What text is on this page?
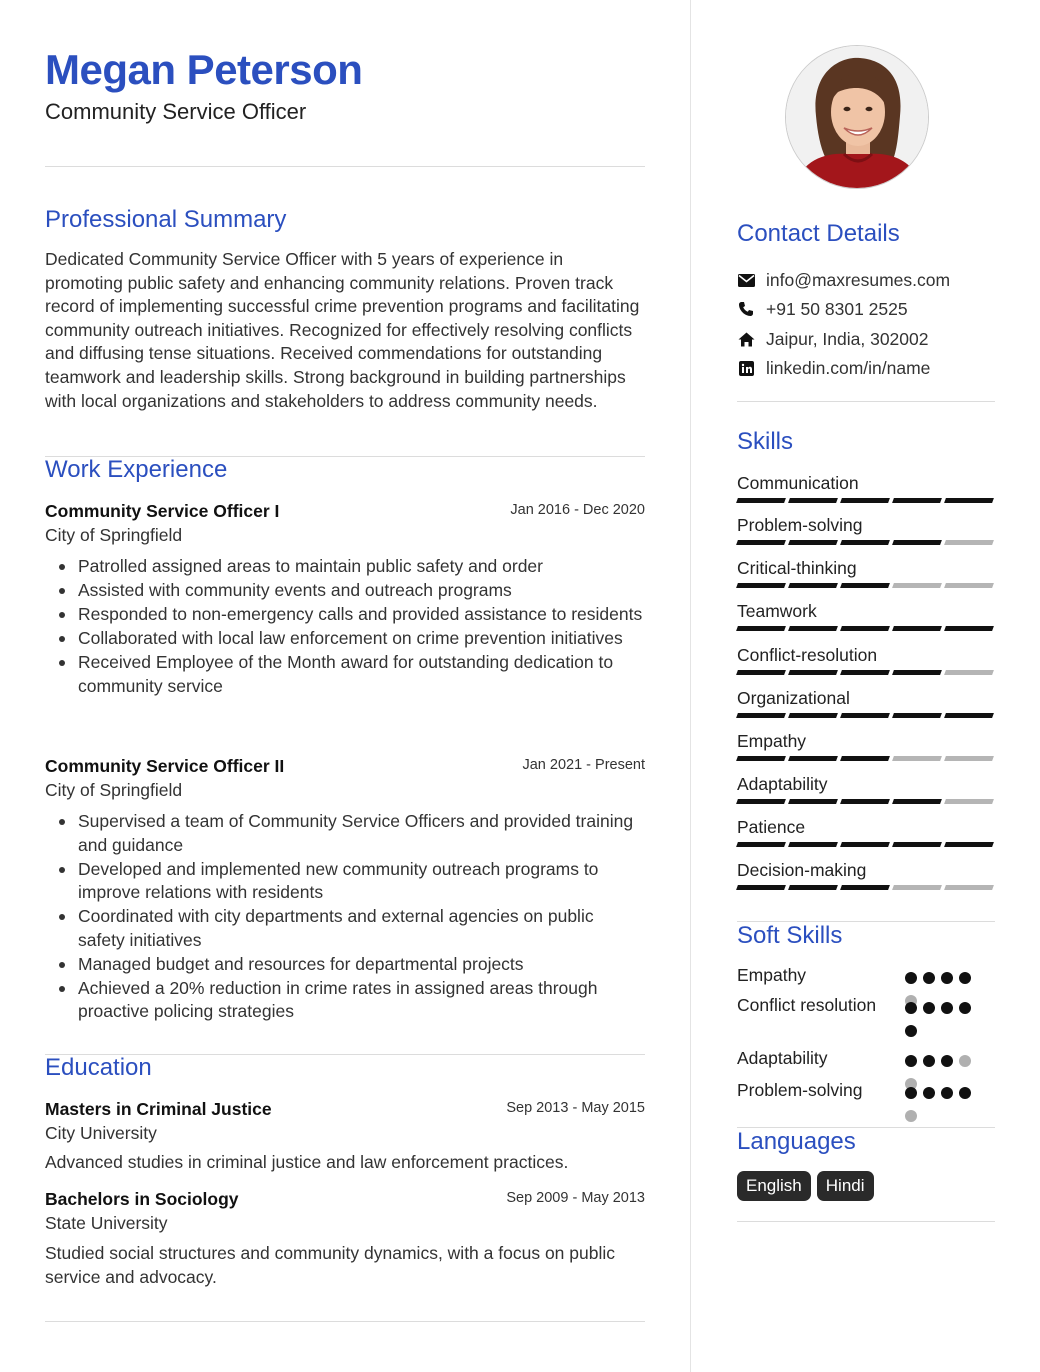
Megan Peterson
Community Service Officer
Professional Summary
Dedicated Community Service Officer with 5 years of experience in promoting public safety and enhancing community relations. Proven track record of implementing successful crime prevention programs and facilitating community outreach initiatives. Recognized for effectively resolving conflicts and diffusing tense situations. Received commendations for outstanding teamwork and leadership skills. Strong background in building partnerships with local organizations and stakeholders to address community needs.
Work Experience
Community Service Officer I	Jan 2016 - Dec 2020
City of Springfield
Patrolled assigned areas to maintain public safety and order
Assisted with community events and outreach programs
Responded to non-emergency calls and provided assistance to residents
Collaborated with local law enforcement on crime prevention initiatives
Received Employee of the Month award for outstanding dedication to community service
Community Service Officer II	Jan 2021 - Present
City of Springfield
Supervised a team of Community Service Officers and provided training and guidance
Developed and implemented new community outreach programs to improve relations with residents
Coordinated with city departments and external agencies on public safety initiatives
Managed budget and resources for departmental projects
Achieved a 20% reduction in crime rates in assigned areas through proactive policing strategies
Education
Masters in Criminal Justice	Sep 2013 - May 2015
City University
Advanced studies in criminal justice and law enforcement practices.
Bachelors in Sociology	Sep 2009 - May 2013
State University
Studied social structures and community dynamics, with a focus on public service and advocacy.
Contact Details
info@maxresumes.com
+91 50 8301 2525
Jaipur, India, 302002
linkedin.com/in/name
Skills
Communication
Problem-solving
Critical-thinking
Teamwork
Conflict-resolution
Organizational
Empathy
Adaptability
Patience
Decision-making
Soft Skills
Empathy
Conflict resolution
Adaptability
Problem-solving
Languages
English	Hindi
